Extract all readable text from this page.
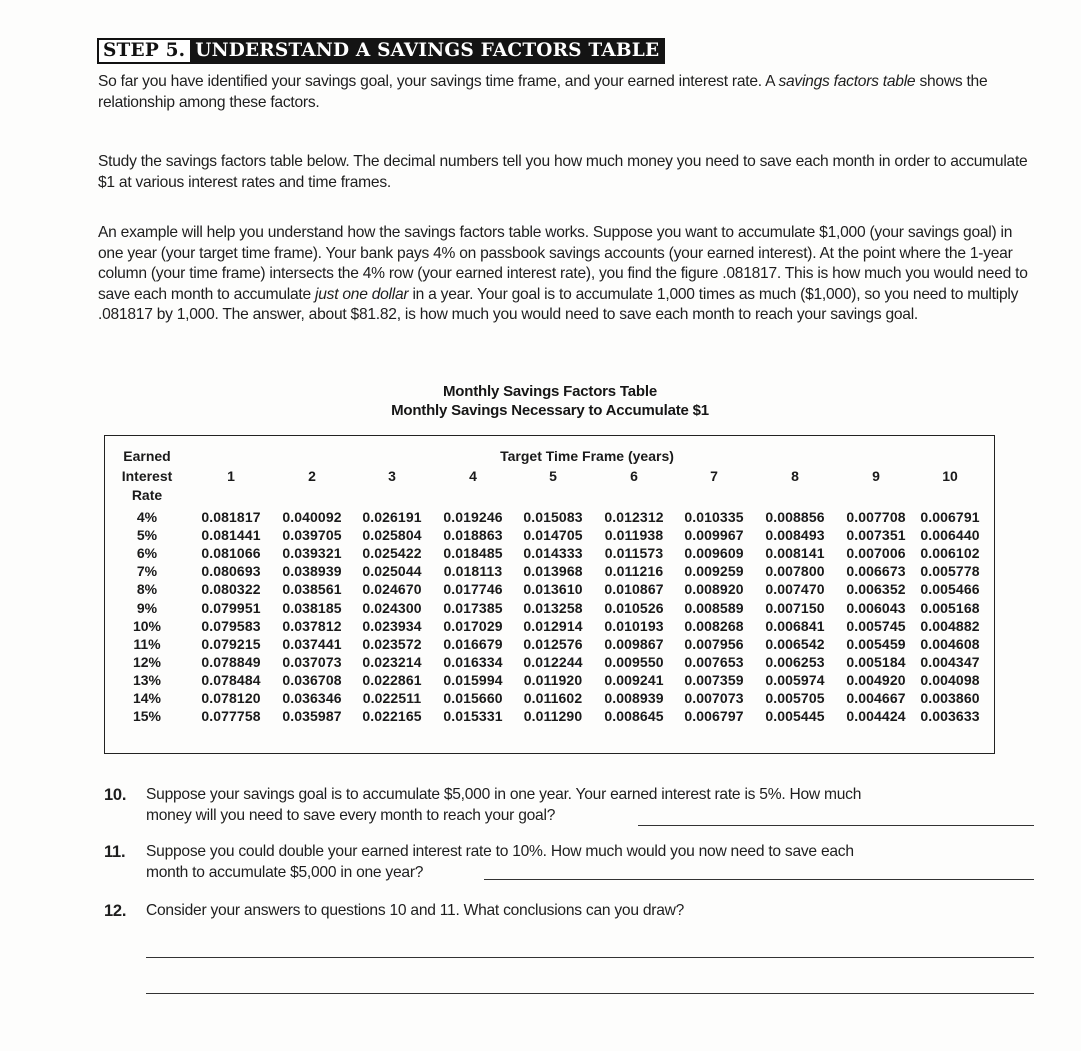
STEP 5. UNDERSTAND A SAVINGS FACTORS TABLE

So far you have identified your savings goal, your savings time frame, and your earned interest rate. A savings factors table shows the relationship among these factors.

Study the savings factors table below. The decimal numbers tell you how much money you need to save each month in order to accumulate $1 at various interest rates and time frames.

An example will help you understand how the savings factors table works. Suppose you want to accumulate $1,000 (your savings goal) in one year (your target time frame). Your bank pays 4% on passbook savings accounts (your earned interest). At the point where the 1-year column (your time frame) intersects the 4% row (your earned interest rate), you find the figure .081817. This is how much you would need to save each month to accumulate just one dollar in a year. Your goal is to accumulate 1,000 times as much ($1,000), so you need to multiply .081817 by 1,000. The answer, about $81.82, is how much you would need to save each month to reach your savings goal.

Monthly Savings Factors Table
Monthly Savings Necessary to Accumulate $1
Earned
Interest
Rate
Target Time Frame (years)
1	2	3	4	5	6	7	8	9	10
4%	0.081817 0.040092 0.026191 0.019246 0.015083 0.012312 0.010335 0.008856 0.007708 0.006791
5%	0.081441 0.039705 0.025804 0.018863 0.014705 0.011938 0.009967 0.008493 0.007351 0.006440
6%	0.081066 0.039321 0.025422 0.018485 0.014333 0.011573 0.009609 0.008141 0.007006 0.006102
7%	0.080693 0.038939 0.025044 0.018113 0.013968 0.011216 0.009259 0.007800 0.006673 0.005778
8%	0.080322 0.038561 0.024670 0.017746 0.013610 0.010867 0.008920 0.007470 0.006352 0.005466
9%	0.079951 0.038185 0.024300 0.017385 0.013258 0.010526 0.008589 0.007150 0.006043 0.005168
10%	0.079583 0.037812 0.023934 0.017029 0.012914 0.010193 0.008268 0.006841 0.005745 0.004882
11%	0.079215 0.037441 0.023572 0.016679 0.012576 0.009867 0.007956 0.006542 0.005459 0.004608
12%	0.078849 0.037073 0.023214 0.016334 0.012244 0.009550 0.007653 0.006253 0.005184 0.004347
13%	0.078484 0.036708 0.022861 0.015994 0.011920 0.009241 0.007359 0.005974 0.004920 0.004098
14%	0.078120 0.036346 0.022511 0.015660 0.011602 0.008939 0.007073 0.005705 0.004667 0.003860
15%	0.077758 0.035987 0.022165 0.015331 0.011290 0.008645 0.006797 0.005445 0.004424 0.003633
10. Suppose your savings goal is to accumulate $5,000 in one year. Your earned interest rate is 5%. How much
money will you need to save every month to reach your goal?
11. Suppose you could double your earned interest rate to 10%. How much would you now need to save each
month to accumulate $5,000 in one year?
12. Consider your answers to questions 10 and 11. What conclusions can you draw?
